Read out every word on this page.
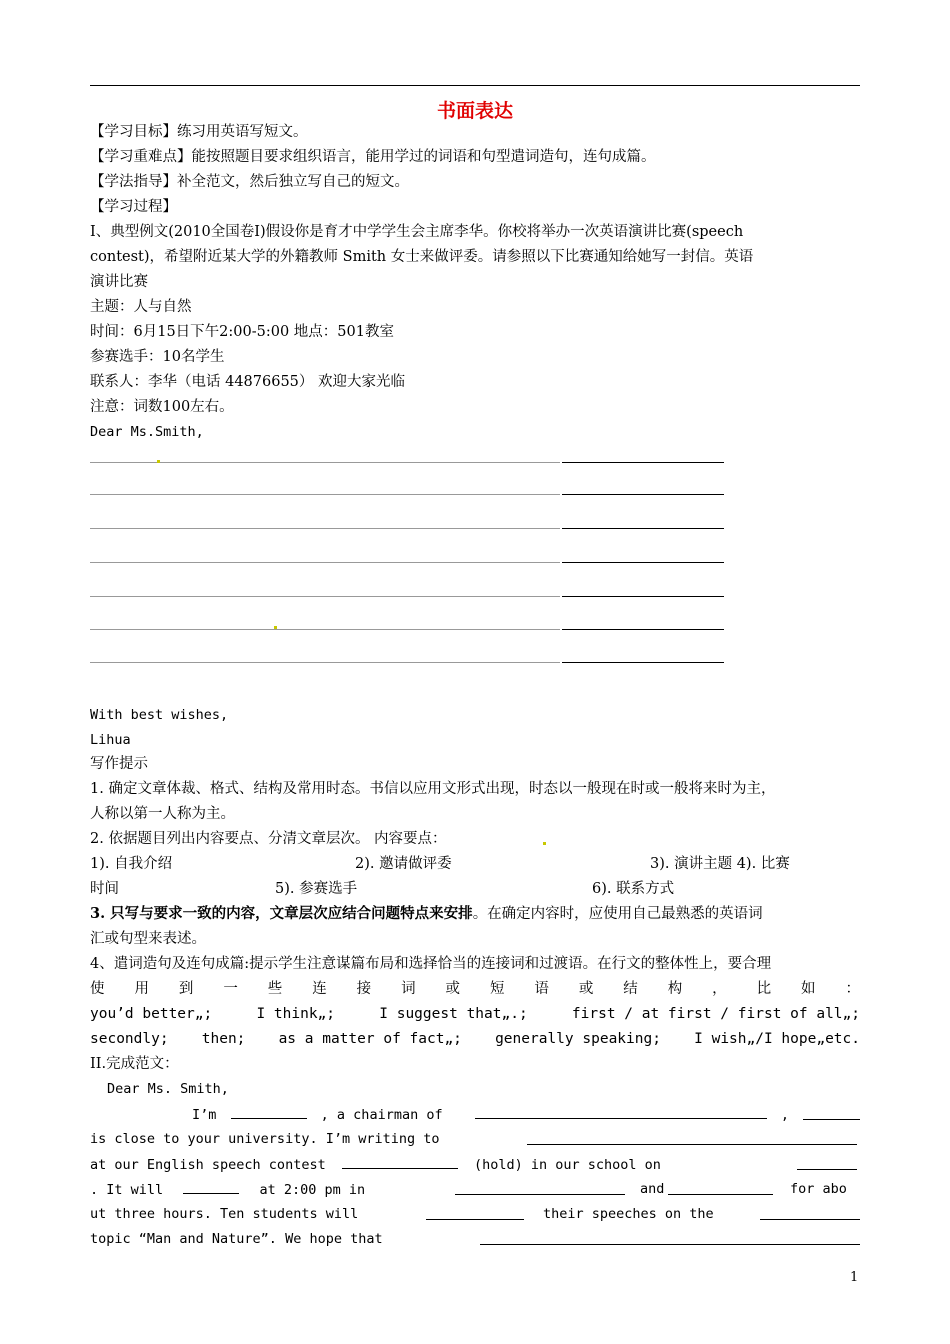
书面表达
【学习目标】练习用英语写短文。
【学习重难点】能按照题目要求组织语言，能用学过的词语和句型遣词造句，连句成篇。
【学法指导】补全范文，然后独立写自己的短文。
【学习过程】
I、典型例文(2010全国卷Ⅰ)假设你是育才中学学生会主席李华。你校将举办一次英语演讲比赛(speech
contest)，希望附近某大学的外籍教师 Smith 女士来做评委。请参照以下比赛通知给她写一封信。英语
演讲比赛
主题：人与自然
时间：6月15日下午2:00-5:00 地点：501教室
参赛选手：10名学生
联系人：李华（电话 44876655） 欢迎大家光临
注意：词数100左右。
Dear Ms.Smith,
With best wishes,
Lihua
写作提示
1. 确定文章体裁、格式、结构及常用时态。书信以应用文形式出现，时态以一般现在时或一般将来时为主，
人称以第一人称为主。
2. 依据题目列出内容要点、分清文章层次。 内容要点：
1). 自我介绍	2). 邀请做评委	3). 演讲主题 4). 比赛
时间	5). 参赛选手	6). 联系方式
3. 只写与要求一致的内容，文章层次应结合问题特点来安排。在确定内容时，应使用自己最熟悉的英语词
汇或句型来表述。
4、遣词造句及连句成篇:提示学生注意谋篇布局和选择恰当的连接词和过渡语。在行文的整体性上，要合理
使 用 到 一 些 连 接 词 或 短 语 或 结 构 ， 比 如 ：
you’d better„;	I think„;	I suggest that„.;	first / at first / first of all„;
secondly; then; as a matter of fact„; generally speaking; I wish„/I hope„etc.
II.完成范文：
Dear Ms. Smith,
I’m	, a chairman of	,
is close to your university. I’m writing to
at our English speech contest	(hold) in our school on
. It will	at 2:00 pm in	and	for abo
ut three hours. Ten students will	their speeches on the
topic “Man and Nature”. We hope that
1
